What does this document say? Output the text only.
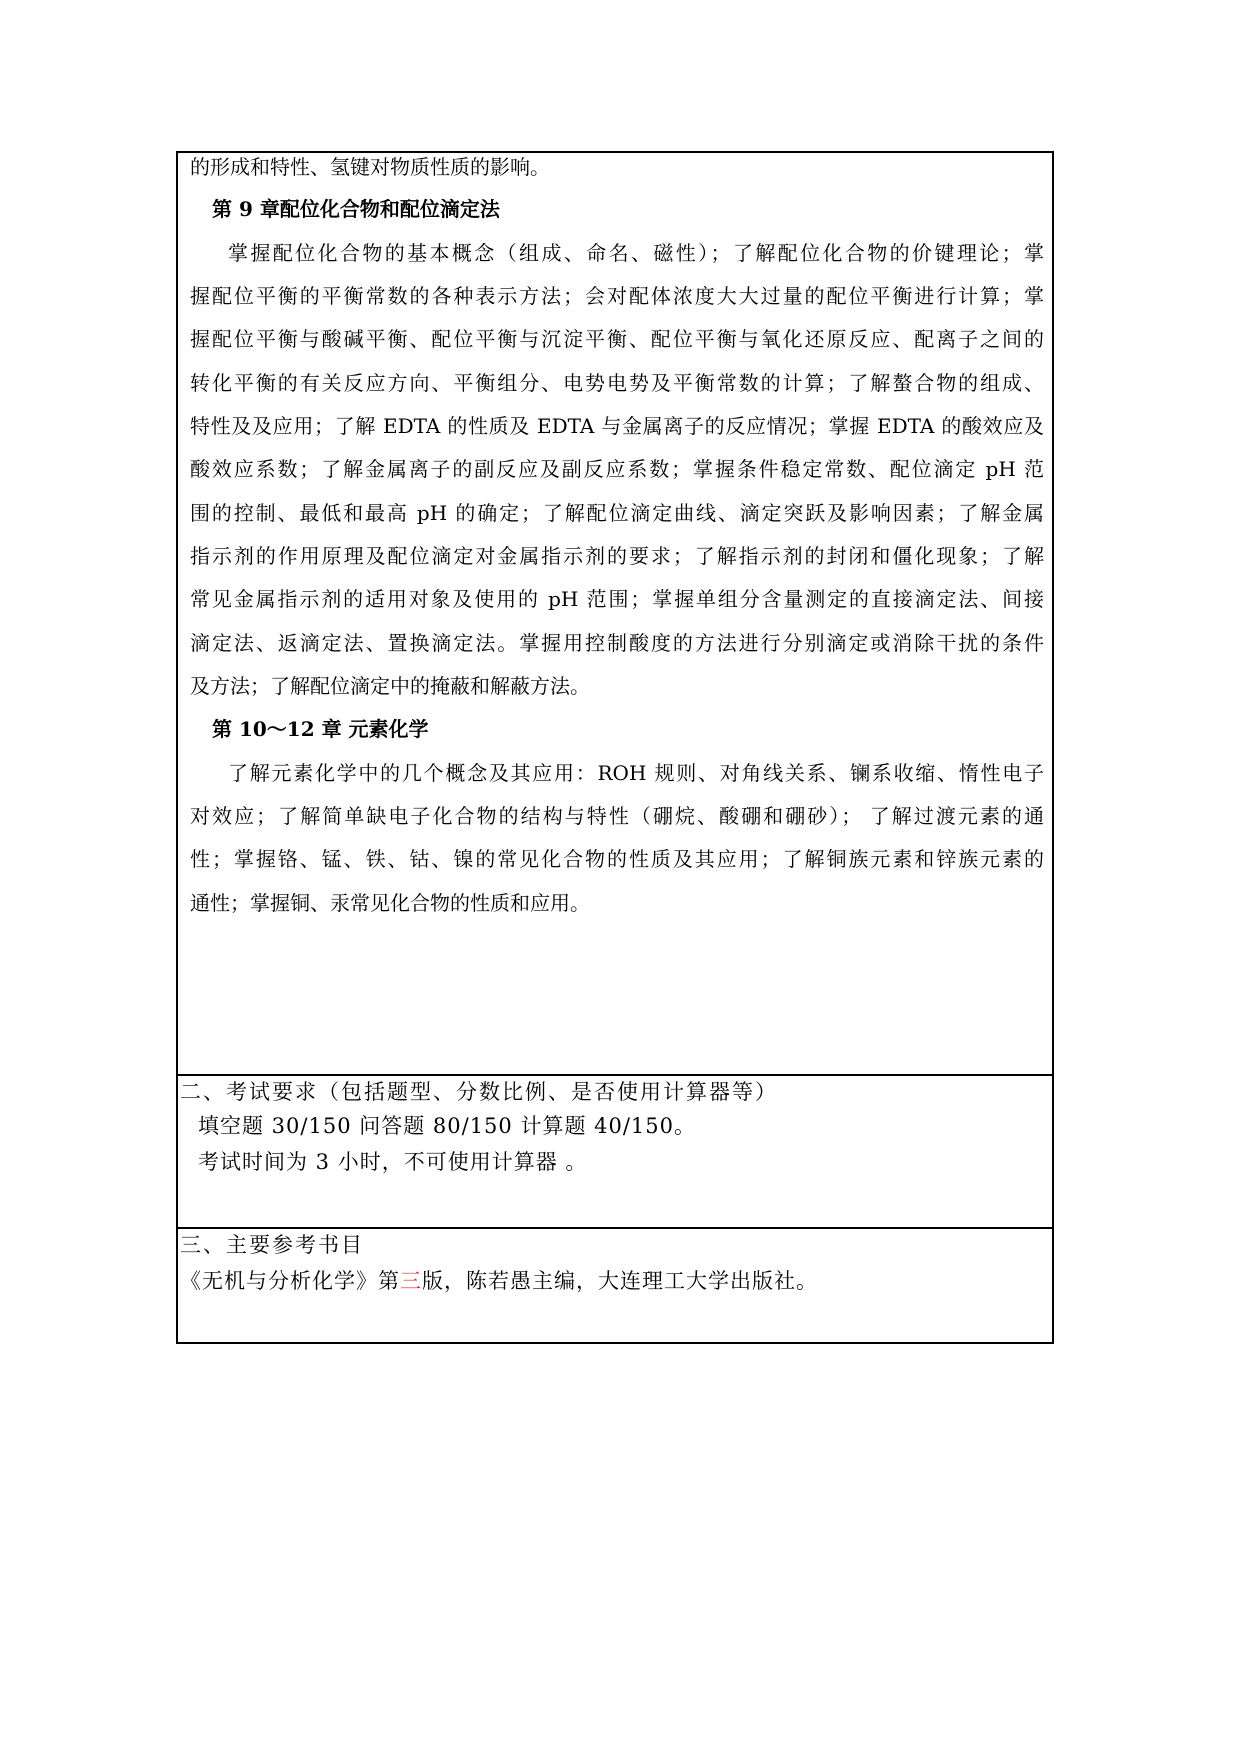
的形成和特性、氢键对物质性质的影响。
第 9 章配位化合物和配位滴定法
掌握配位化合物的基本概念（组成、命名、磁性）；了解配位化合物的价键理论；掌
握配位平衡的平衡常数的各种表示方法；会对配体浓度大大过量的配位平衡进行计算；掌
握配位平衡与酸碱平衡、配位平衡与沉淀平衡、配位平衡与氧化还原反应、配离子之间的
转化平衡的有关反应方向、平衡组分、电势电势及平衡常数的计算；了解螯合物的组成、
特性及及应用；了解 EDTA 的性质及 EDTA 与金属离子的反应情况；掌握 EDTA 的酸效应及
酸效应系数；了解金属离子的副反应及副反应系数；掌握条件稳定常数、配位滴定 pH 范
围的控制、最低和最高 pH 的确定；了解配位滴定曲线、滴定突跃及影响因素；了解金属
指示剂的作用原理及配位滴定对金属指示剂的要求；了解指示剂的封闭和僵化现象；了解
常见金属指示剂的适用对象及使用的 pH 范围；掌握单组分含量测定的直接滴定法、间接
滴定法、返滴定法、置换滴定法。掌握用控制酸度的方法进行分别滴定或消除干扰的条件
及方法；了解配位滴定中的掩蔽和解蔽方法。
第 10～12 章 元素化学
了解元素化学中的几个概念及其应用：ROH 规则、对角线关系、镧系收缩、惰性电子
对效应；了解简单缺电子化合物的结构与特性（硼烷、酸硼和硼砂）； 了解过渡元素的通
性；掌握铬、锰、铁、钴、镍的常见化合物的性质及其应用；了解铜族元素和锌族元素的
通性；掌握铜、汞常见化合物的性质和应用。
二、考试要求（包括题型、分数比例、是否使用计算器等）
填空题 30/150 问答题 80/150 计算题 40/150。
考试时间为 3 小时，不可使用计算器 。
三、主要参考书目
《无机与分析化学》第三版，陈若愚主编，大连理工大学出版社。
